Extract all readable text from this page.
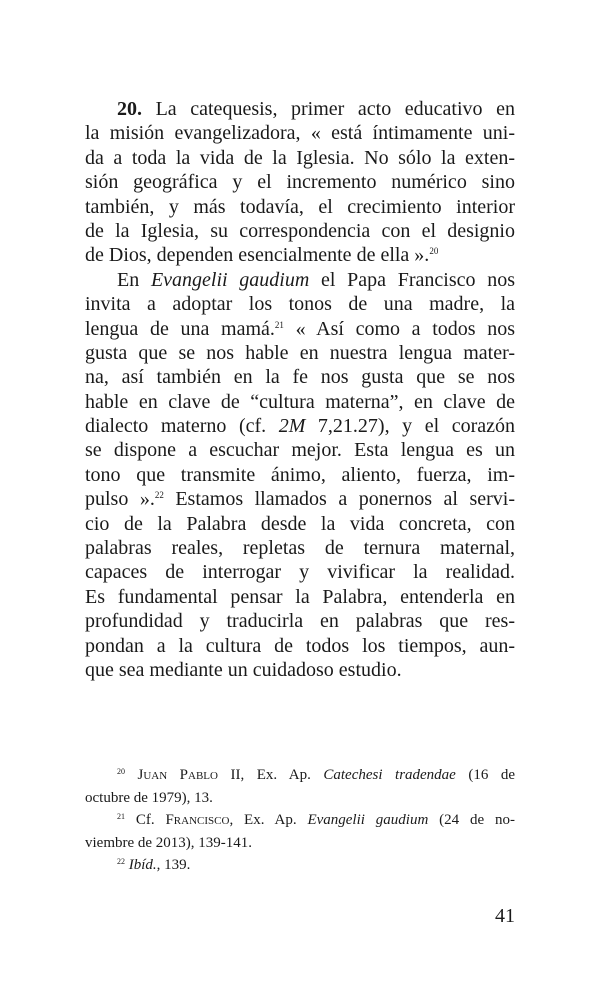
20. La catequesis, primer acto educativo en
la misión evangelizadora, « está íntimamente uni-
da a toda la vida de la Iglesia. No sólo la exten-
sión geográfica y el incremento numérico sino
también, y más todavía, el crecimiento interior
de la Iglesia, su correspondencia con el designio
de Dios, dependen esencialmente de ella ».$^{20}$
En Evangelii gaudium el Papa Francisco nos
invita a adoptar los tonos de una madre, la
lengua de una mamá.$^{21}$ « Así como a todos nos
gusta que se nos hable en nuestra lengua mater-
na, así también en la fe nos gusta que se nos
hable en clave de “cultura materna”, en clave de
dialecto materno (cf. 2M 7,21.27), y el corazón
se dispone a escuchar mejor. Esta lengua es un
tono que transmite ánimo, aliento, fuerza, im-
pulso ».$^{22}$ Estamos llamados a ponernos al servi-
cio de la Palabra desde la vida concreta, con
palabras reales, repletas de ternura maternal,
capaces de interrogar y vivificar la realidad.
Es fundamental pensar la Palabra, entenderla en
profundidad y traducirla en palabras que res-
pondan a la cultura de todos los tiempos, aun-
que sea mediante un cuidadoso estudio.
$^{20}$ Juan Pablo II, Ex. Ap. Catechesi tradendae (16 de
octubre de 1979), 13.
$^{21}$ Cf. Francisco, Ex. Ap. Evangelii gaudium (24 de no-
viembre de 2013), 139-141.
$^{22}$ Ibíd., 139.
41
